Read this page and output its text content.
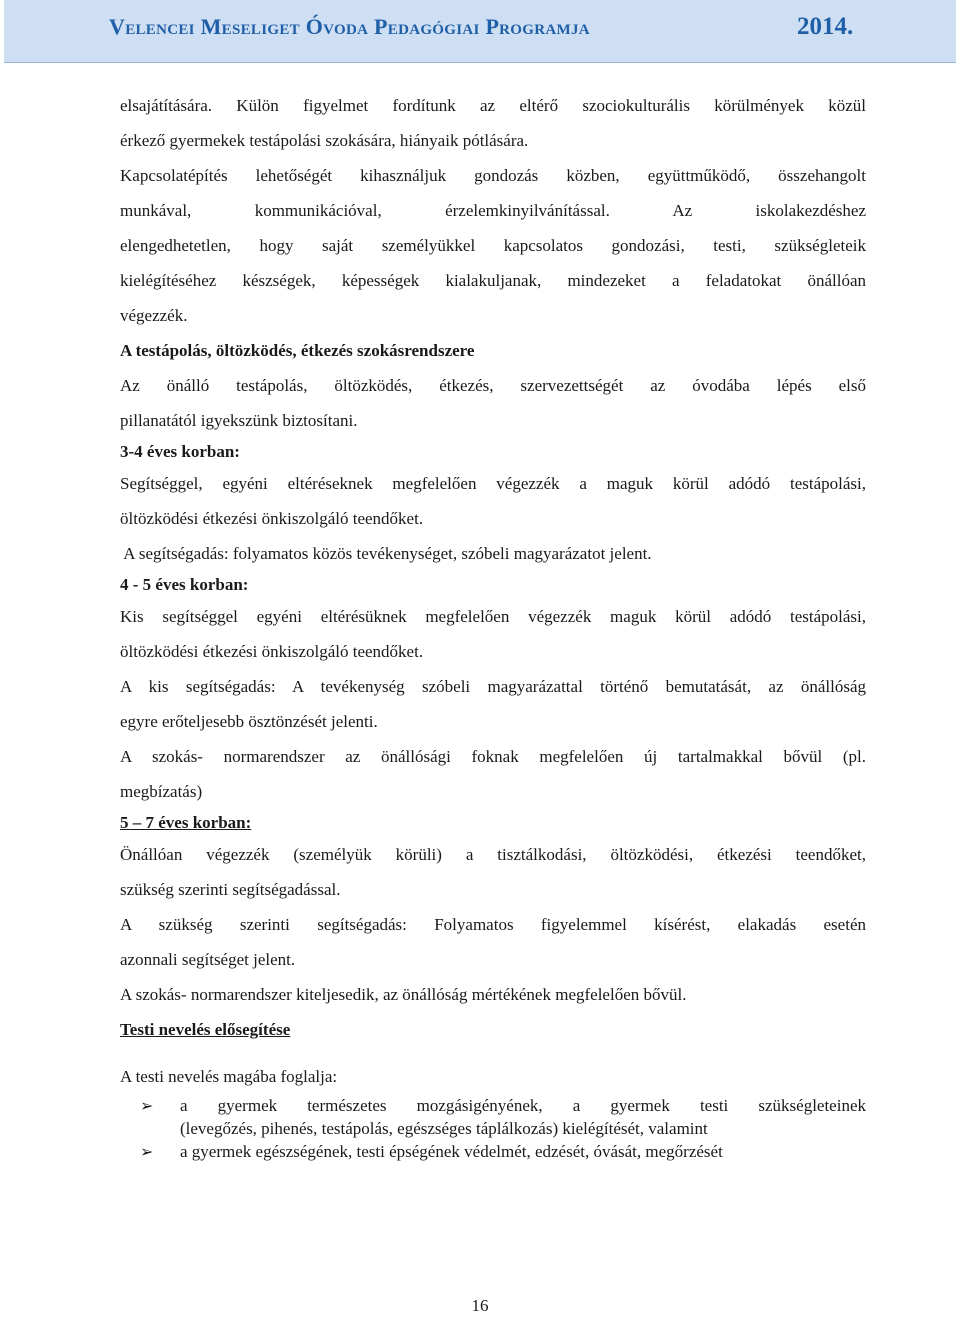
Velencei Meseliget Óvoda Pedagógiai Programja	2014.

elsajátítására. Külön figyelmet fordítunk az eltérő szociokulturális körülmények közül

érkező gyermekek testápolási szokására, hiányaik pótlására.

Kapcsolatépítés lehetőségét kihasználjuk gondozás közben, együttműködő, összehangolt

munkával, kommunikációval, érzelemkinyilvánítással. Az iskolakezdéshez

elengedhetetlen, hogy saját személyükkel kapcsolatos gondozási, testi, szükségleteik

kielégítéséhez készségek, képességek kialakuljanak, mindezeket a feladatokat önállóan

végezzék.

A testápolás, öltözködés, étkezés szokásrendszere

Az önálló testápolás, öltözködés, étkezés, szervezettségét az óvodába lépés első

pillanatától igyekszünk biztosítani.

3-4 éves korban:

Segítséggel, egyéni eltéréseknek megfelelően végezzék a maguk körül adódó testápolási,

öltözködési étkezési önkiszolgáló teendőket.

A segítségadás: folyamatos közös tevékenységet, szóbeli magyarázatot jelent.

4 - 5 éves korban:

Kis segítséggel egyéni eltérésüknek megfelelően végezzék maguk körül adódó testápolási,

öltözködési étkezési önkiszolgáló teendőket.

A kis segítségadás: A tevékenység szóbeli magyarázattal történő bemutatását, az önállóság

egyre erőteljesebb ösztönzését jelenti.

A szokás- normarendszer az önállósági foknak megfelelően új tartalmakkal bővül (pl.

megbízatás)

5 – 7 éves korban:

Önállóan végezzék (személyük körüli) a tisztálkodási, öltözködési, étkezési teendőket,

szükség szerinti segítségadással.

A szükség szerinti segítségadás: Folyamatos figyelemmel kísérést, elakadás esetén

azonnali segítséget jelent.

A szokás- normarendszer kiteljesedik, az önállóság mértékének megfelelően bővül.

Testi nevelés elősegítése

A testi nevelés magába foglalja:

➢ a gyermek természetes mozgásigényének, a gyermek testi szükségleteinek
(levegőzés, pihenés, testápolás, egészséges táplálkozás) kielégítését, valamint
➢ a gyermek egészségének, testi épségének védelmét, edzését, óvását, megőrzését
16
